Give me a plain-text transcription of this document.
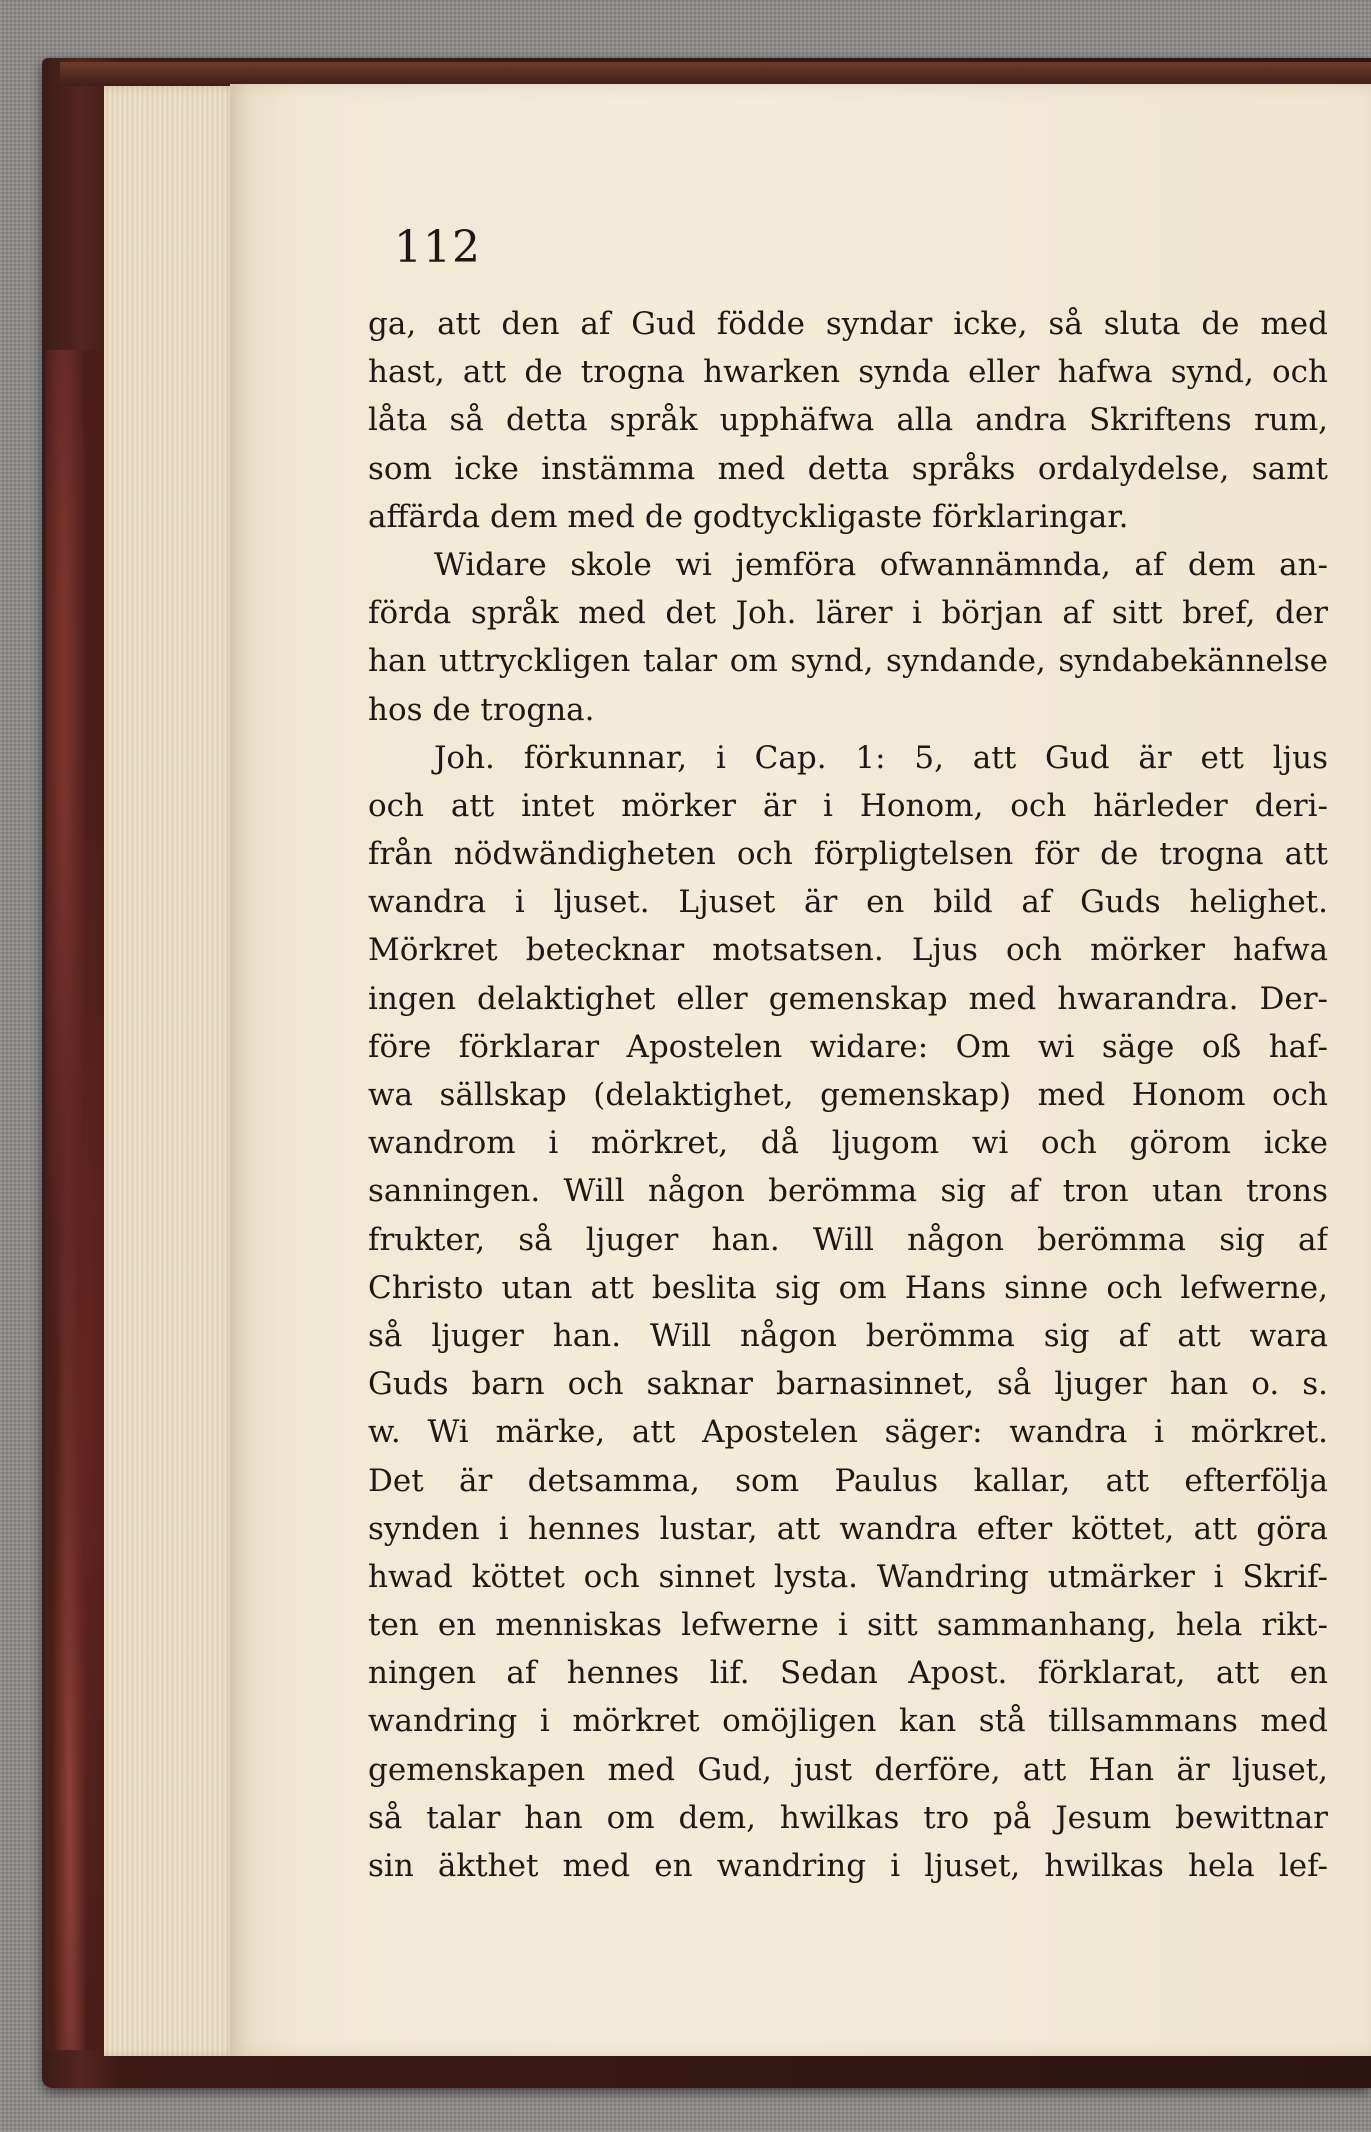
112
ga, att den af Gud födde syndar icke, så sluta de med
hast, att de trogna hwarken synda eller hafwa synd, och
låta så detta språk upphäfwa alla andra Skriftens rum,
som icke instämma med detta språks ordalydelse, samt
affärda dem med de godtyckligaste förklaringar.
Widare skole wi jemföra ofwannämnda, af dem an-
förda språk med det Joh. lärer i början af sitt bref, der
han uttryckligen talar om synd, syndande, syndabekännelse
hos de trogna.
Joh. förkunnar, i Cap. 1: 5, att Gud är ett ljus
och att intet mörker är i Honom, och härleder deri-
från nödwändigheten och förpligtelsen för de trogna att
wandra i ljuset. Ljuset är en bild af Guds helighet.
Mörkret betecknar motsatsen. Ljus och mörker hafwa
ingen delaktighet eller gemenskap med hwarandra. Der-
före förklarar Apostelen widare: Om wi säge oß haf-
wa sällskap (delaktighet, gemenskap) med Honom och
wandrom i mörkret, då ljugom wi och görom icke
sanningen. Will någon berömma sig af tron utan trons
frukter, så ljuger han. Will någon berömma sig af
Christo utan att beslita sig om Hans sinne och lefwerne,
så ljuger han. Will någon berömma sig af att wara
Guds barn och saknar barnasinnet, så ljuger han o. s.
w. Wi märke, att Apostelen säger: wandra i mörkret.
Det är detsamma, som Paulus kallar, att efterfölja
synden i hennes lustar, att wandra efter köttet, att göra
hwad köttet och sinnet lysta. Wandring utmärker i Skrif-
ten en menniskas lefwerne i sitt sammanhang, hela rikt-
ningen af hennes lif. Sedan Apost. förklarat, att en
wandring i mörkret omöjligen kan stå tillsammans med
gemenskapen med Gud, just derföre, att Han är ljuset,
så talar han om dem, hwilkas tro på Jesum bewittnar
sin äkthet med en wandring i ljuset, hwilkas hela lef-
